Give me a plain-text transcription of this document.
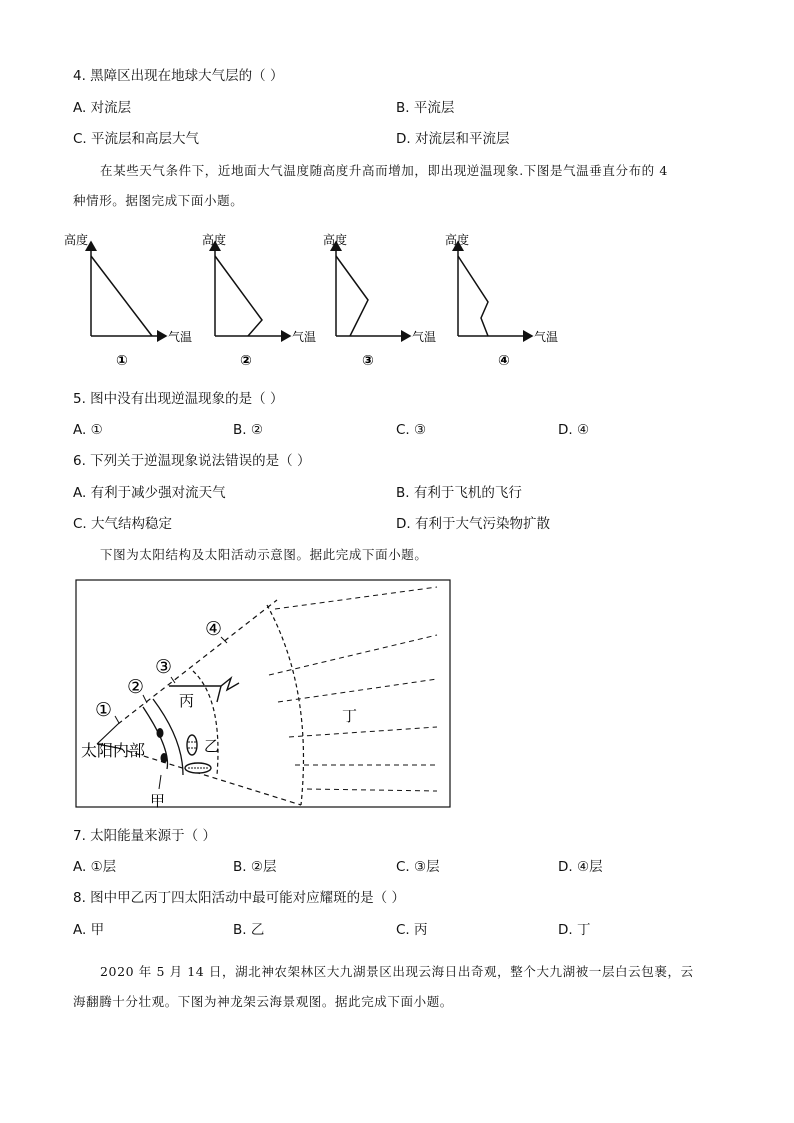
4. 黑障区出现在地球大气层的（ ）
A. 对流层	B. 平流层
C. 平流层和高层大气	D. 对流层和平流层
在某些天气条件下，近地面大气温度随高度升高而增加，即出现逆温现象.下图是气温垂直分布的 4
种情形。据图完成下面小题。
高度
气温
①
高度
气温
②
高度
气温
③
高度
气温
④
5. 图中没有出现逆温现象的是（ ）
A. ①	B. ②	C. ③	D. ④
6. 下列关于逆温现象说法错误的是（ ）
A. 有利于减少强对流天气	B. 有利于飞机的飞行
C. 大气结构稳定	D. 有利于大气污染物扩散
下图为太阳结构及太阳活动示意图。据此完成下面小题。
①
②
③
④
太阳内部
甲
乙
丙
丁
7. 太阳能量来源于（ ）
A. ①层	B. ②层	C. ③层	D. ④层
8. 图中甲乙丙丁四太阳活动中最可能对应耀斑的是（ ）
A. 甲	B. 乙	C. 丙	D. 丁
2020 年 5 月 14 日，湖北神农架林区大九湖景区出现云海日出奇观，整个大九湖被一层白云包裹，云
海翻腾十分壮观。下图为神龙架云海景观图。据此完成下面小题。
